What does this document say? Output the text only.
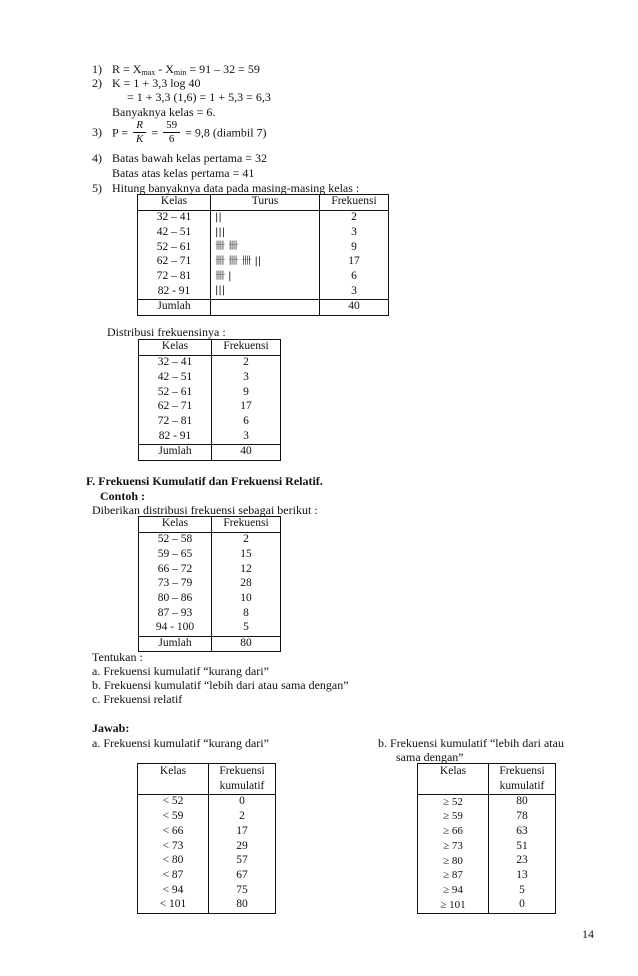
1) $R = X_{max} - X_{min} = 91 - 32 = 59$
2) K = 1 + 3,3 log 40
= 1 + 3,3 (1,6) = 1 + 5,3 = 6,3
Banyaknya kelas = 6.
3) $P = \frac{R}{K} = \frac{59}{6} = 9,8$ (diambil 7)
4) Batas bawah kelas pertama = 32
Batas atas kelas pertama = 41
5) Hitung banyaknya data pada masing-masing kelas :
Kelas	Turus	Frekuensi
32 – 41	||	2
42 – 51	|||	3
52 – 61	卌 卌	9
62 – 71	卌 卌 卌 ||	17
72 – 81	卌 |	6
82 - 91	|||	3
Jumlah		40
Distribusi frekuensinya :
Kelas	Frekuensi
32 – 41	2
42 – 51	3
52 – 61	9
62 – 71	17
72 – 81	6
82 - 91	3
Jumlah	40
F. Frekuensi Kumulatif dan Frekuensi Relatif.
Contoh :
Diberikan distribusi frekuensi sebagai berikut :
Kelas	Frekuensi
52 – 58	2
59 – 65	15
66 – 72	12
73 – 79	28
80 – 86	10
87 – 93	8
94 - 100	5
Jumlah	80
Tentukan :
a. Frekuensi kumulatif “kurang dari”
b. Frekuensi kumulatif “lebih dari atau sama dengan”
c. Frekuensi relatif
Jawab:
a. Frekuensi kumulatif “kurang dari”	b. Frekuensi kumulatif “lebih dari atau
sama dengan”
Kelas	Frekuensi
kumulatif
< 52	0
< 59	2
< 66	17
< 73	29
< 80	57
< 87	67
< 94	75
< 101	80
Kelas	Frekuensi
kumulatif
≥ 52	80
≥ 59	78
≥ 66	63
≥ 73	51
≥ 80	23
≥ 87	13
≥ 94	5
≥ 101	0
14
